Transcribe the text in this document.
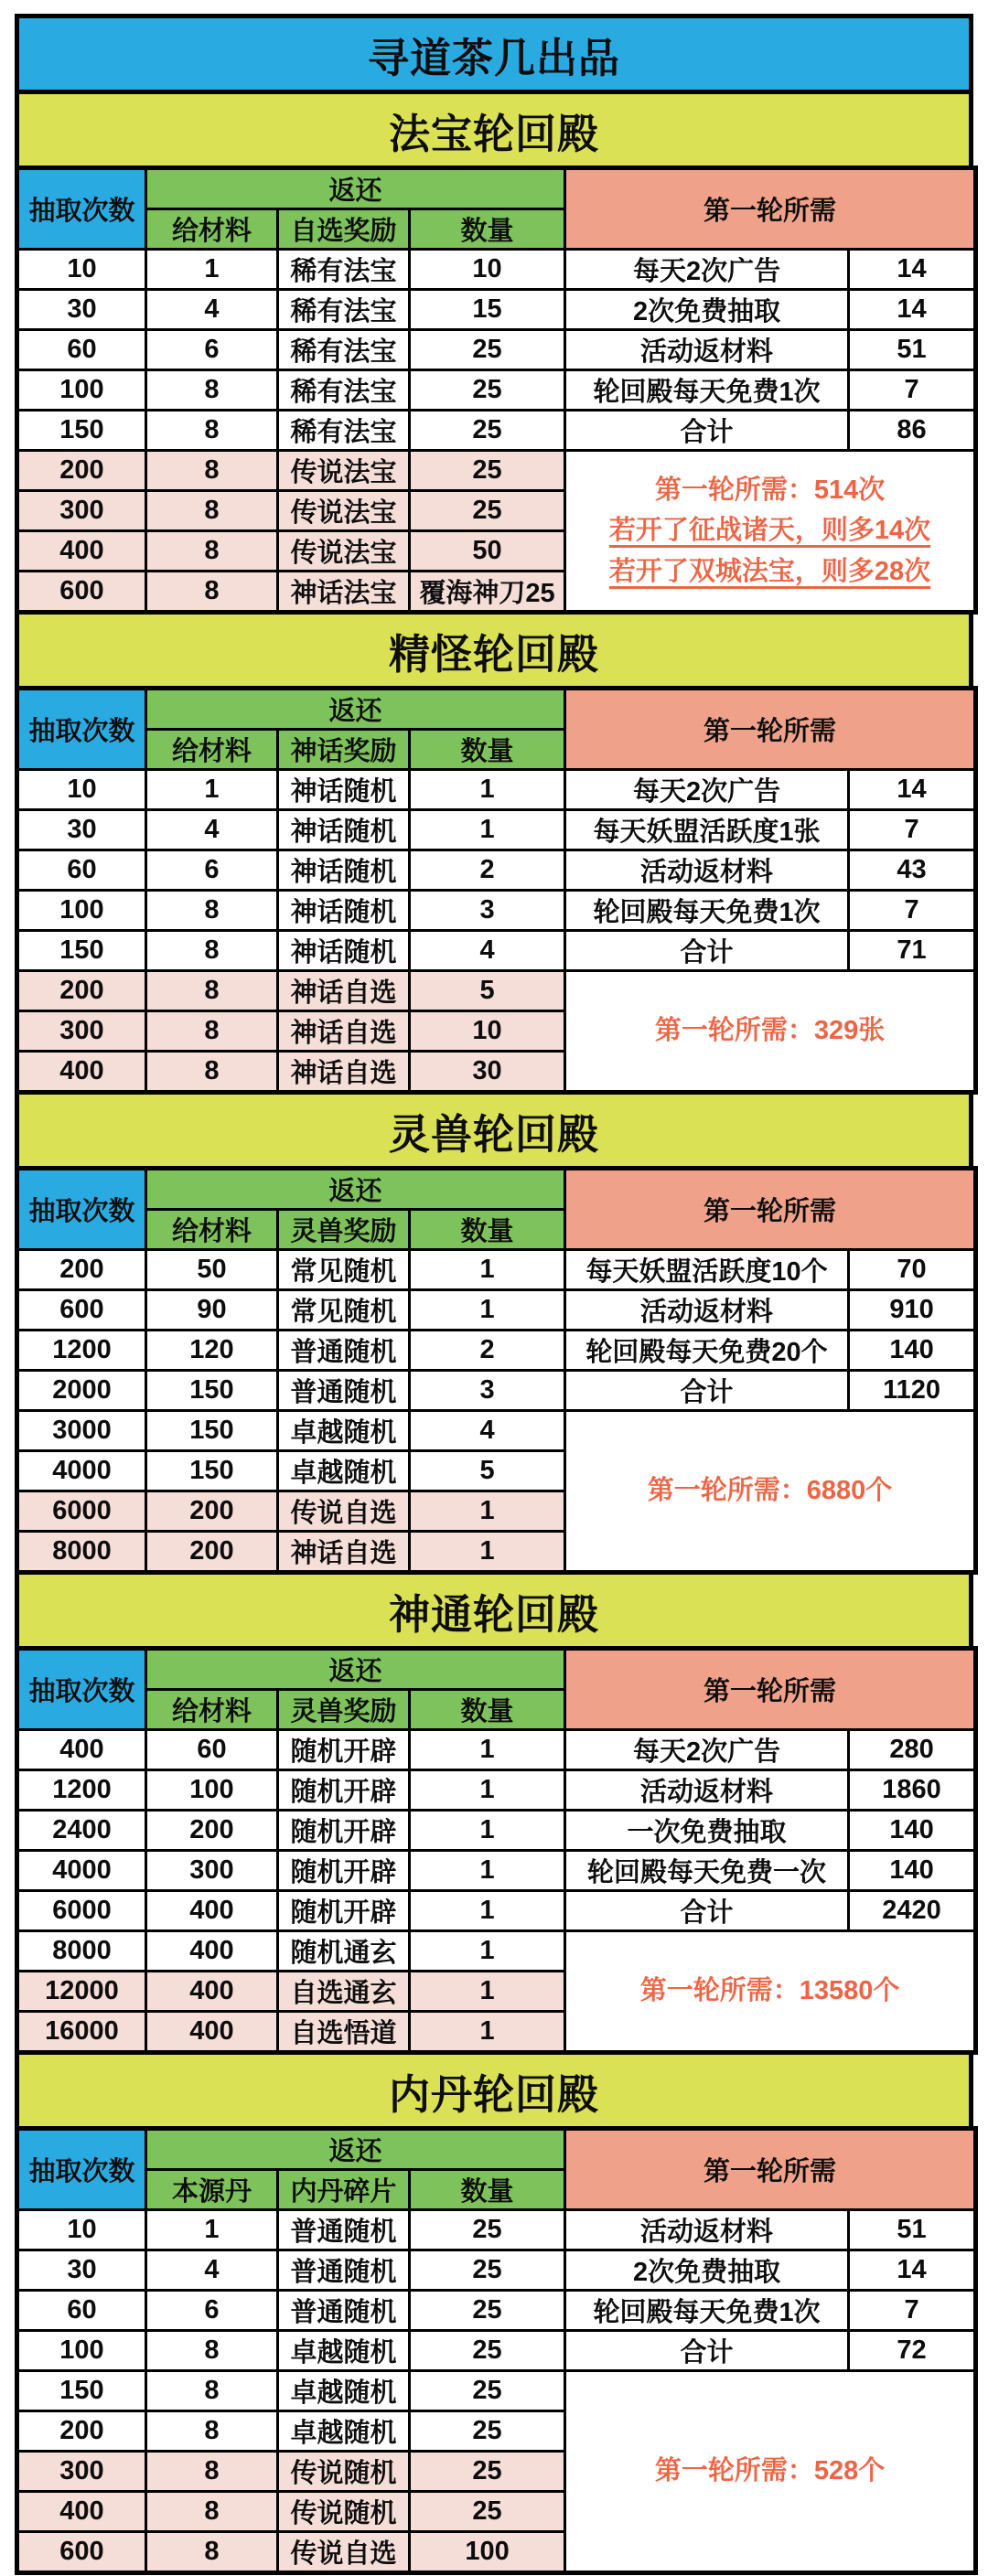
寻道茶几出品
法宝轮回殿
抽取次数	返还			第一轮所需	
	给材料	自选奖励	数量		
10	1	稀有法宝	10	每天2次广告	14
30	4	稀有法宝	15	2次免费抽取	14
60	6	稀有法宝	25	活动返材料	51
100	8	稀有法宝	25	轮回殿每天免费1次	7
150	8	稀有法宝	25	合计	86
200	8	传说法宝	25	第一轮所需：514次
若开了征战诸天，则多14次
若开了双城法宝，则多28次	

300	8	传说法宝	25		
400	8	传说法宝	50		
600	8	神话法宝	覆海神刀25		
精怪轮回殿
抽取次数	返还			第一轮所需	
	给材料	神话奖励	数量		
10	1	神话随机	1	每天2次广告	14
30	4	神话随机	1	每天妖盟活跃度1张	7
60	6	神话随机	2	活动返材料	43
100	8	神话随机	3	轮回殿每天免费1次	7
150	8	神话随机	4	合计	71
200	8	神话自选	5	第一轮所需：329张	

300	8	神话自选	10		
400	8	神话自选	30		
灵兽轮回殿
抽取次数	返还			第一轮所需	
	给材料	灵兽奖励	数量		
200	50	常见随机	1	每天妖盟活跃度10个	70
600	90	常见随机	1	活动返材料	910
1200	120	普通随机	2	轮回殿每天免费20个	140
2000	150	普通随机	3	合计	1120
3000	150	卓越随机	4	第一轮所需：6880个	

4000	150	卓越随机	5		
6000	200	传说自选	1		
8000	200	神话自选	1		
神通轮回殿
抽取次数	返还			第一轮所需	
	给材料	灵兽奖励	数量		
400	60	随机开辟	1	每天2次广告	280
1200	100	随机开辟	1	活动返材料	1860
2400	200	随机开辟	1	一次免费抽取	140
4000	300	随机开辟	1	轮回殿每天免费一次	140
6000	400	随机开辟	1	合计	2420
8000	400	随机通玄	1	第一轮所需：13580个	

12000	400	自选通玄	1		
16000	400	自选悟道	1		
内丹轮回殿
抽取次数	返还			第一轮所需	
	本源丹	内丹碎片	数量		
10	1	普通随机	25	活动返材料	51
30	4	普通随机	25	2次免费抽取	14
60	6	普通随机	25	轮回殿每天免费1次	7
100	8	卓越随机	25	合计	72
150	8	卓越随机	25	第一轮所需：528个	

200	8	卓越随机	25		
300	8	传说随机	25		
400	8	传说随机	25		
600	8	传说自选	100		
